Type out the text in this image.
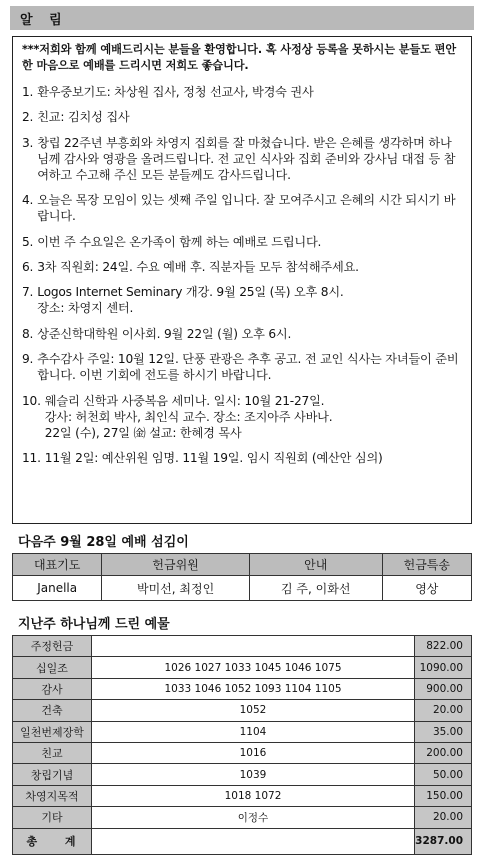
알 림

***저희와 함께 예배드리시는 분들을 환영합니다. 혹 사정상 등록을 못하시는 분들도 편안한 마음으로 예배를 드리시면 저희도 좋습니다.

1. 환우중보기도: 차상원 집사, 정청 선교사, 박경숙 권사
2. 친교: 김치성 집사
3. 창립 22주년 부흥회와 차영지 집회를 잘 마쳤습니다. 받은 은혜를 생각하며 하나님께 감사와 영광을 올려드립니다. 전 교인 식사와 집회 준비와 강사님 대접 등 참여하고 수고해 주신 모든 분들께도 감사드립니다.
4. 오늘은 목장 모임이 있는 셋째 주일 입니다. 잘 모여주시고 은혜의 시간 되시기 바랍니다.
5. 이번 주 수요일은 온가족이 함께 하는 예배로 드립니다.
6. 3차 직원회: 24일. 수요 예배 후. 직분자들 모두 참석해주세요.
7. Logos Internet Seminary 개강. 9월 25일 (목) 오후 8시.
장소: 차영지 센터.
8. 상준신학대학원 이사회. 9월 22일 (월) 오후 6시.
9. 추수감사 주일: 10월 12일. 단풍 관광은 추후 공고. 전 교인 식사는 자녀들이 준비합니다. 이번 기회에 전도를 하시기 바랍니다.
10. 웨슬리 신학과 사중복음 세미나. 일시: 10월 21-27일.
강사: 허천회 박사, 최인식 교수. 장소: 조지아주 사바나.
22일 (수), 27일 ㈮ 설교: 한혜경 목사
11. 11월 2일: 예산위원 임명. 11월 19일. 임시 직원회 (예산안 심의)
다음주 9월 28일 예배 섬김이
대표기도	헌금위원	안내	헌금특송
Janella	박미선, 최정인	김 주, 이화선	영상
지난주 하나님께 드린 예물
주정헌금		822.00
십일조	1026 1027 1033 1045 1046 1075	1090.00
감사	1033 1046 1052 1093 1104 1105	900.00
건축	1052	20.00
일천번제장학	1104	35.00
친교	1016	200.00
창립기념	1039	50.00
차영지목적	1018 1072	150.00
기타	이정수	20.00
총 계		3287.00
